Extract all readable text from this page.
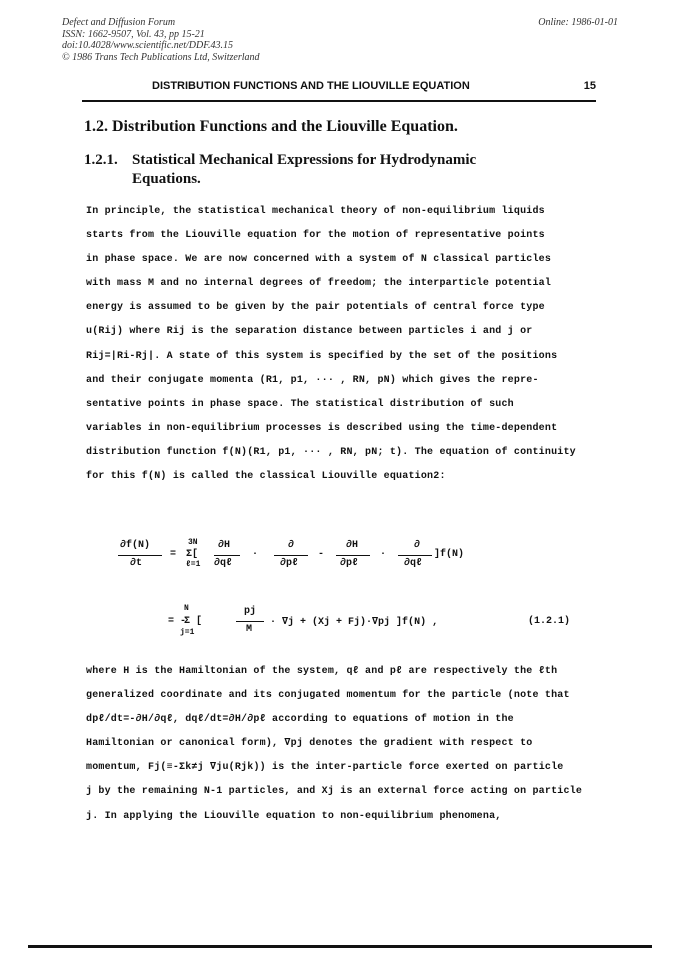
Defect and Diffusion Forum
ISSN: 1662-9507, Vol. 43, pp 15-21
doi:10.4028/www.scientific.net/DDF.43.15
© 1986 Trans Tech Publications Ltd, Switzerland
Online: 1986-01-01
DISTRIBUTION FUNCTIONS AND THE LIOUVILLE EQUATION	15
1.2. Distribution Functions and the Liouville Equation.
1.2.1. Statistical Mechanical Expressions for Hydrodynamic
Equations.
In principle, the statistical mechanical theory of non-equilibrium liquids
starts from the Liouville equation for the motion of representative points
in phase space. We are now concerned with a system of N classical particles
with mass M and no internal degrees of freedom; the interparticle potential
energy is assumed to be given by the pair potentials of central force type
u(Rij) where Rij is the separation distance between particles i and j or
Rij=|Ri-Rj|. A state of this system is specified by the set of the positions
and their conjugate momenta (R1, p1, ··· , RN, pN) which gives the repre-
sentative points in phase space. The statistical distribution of such
variables in non-equilibrium processes is described using the time-dependent
distribution function f(N)(R1, p1, ··· , RN, pN; t). The equation of continuity
for this f(N) is called the classical Liouville equation2:
∂f(N)
∂t
=
3N
Σ[
ℓ=1
∂H
∂qℓ
·
∂
∂pℓ
-
∂H
∂pℓ
·
∂
∂qℓ
]f(N)
= -
N
Σ [
j=1
pj
M
· ∇j + (Xj + Fj)·∇pj ]f(N) ,	(1.2.1)
where H is the Hamiltonian of the system, qℓ and pℓ are respectively the ℓth
generalized coordinate and its conjugated momentum for the particle (note that
dpℓ/dt=-∂H/∂qℓ, dqℓ/dt=∂H/∂pℓ according to equations of motion in the
Hamiltonian or canonical form), ∇pj denotes the gradient with respect to
momentum, Fj(≡-Σk≠j ∇ju(Rjk)) is the inter-particle force exerted on particle
j by the remaining N-1 particles, and Xj is an external force acting on particle
j. In applying the Liouville equation to non-equilibrium phenomena,
